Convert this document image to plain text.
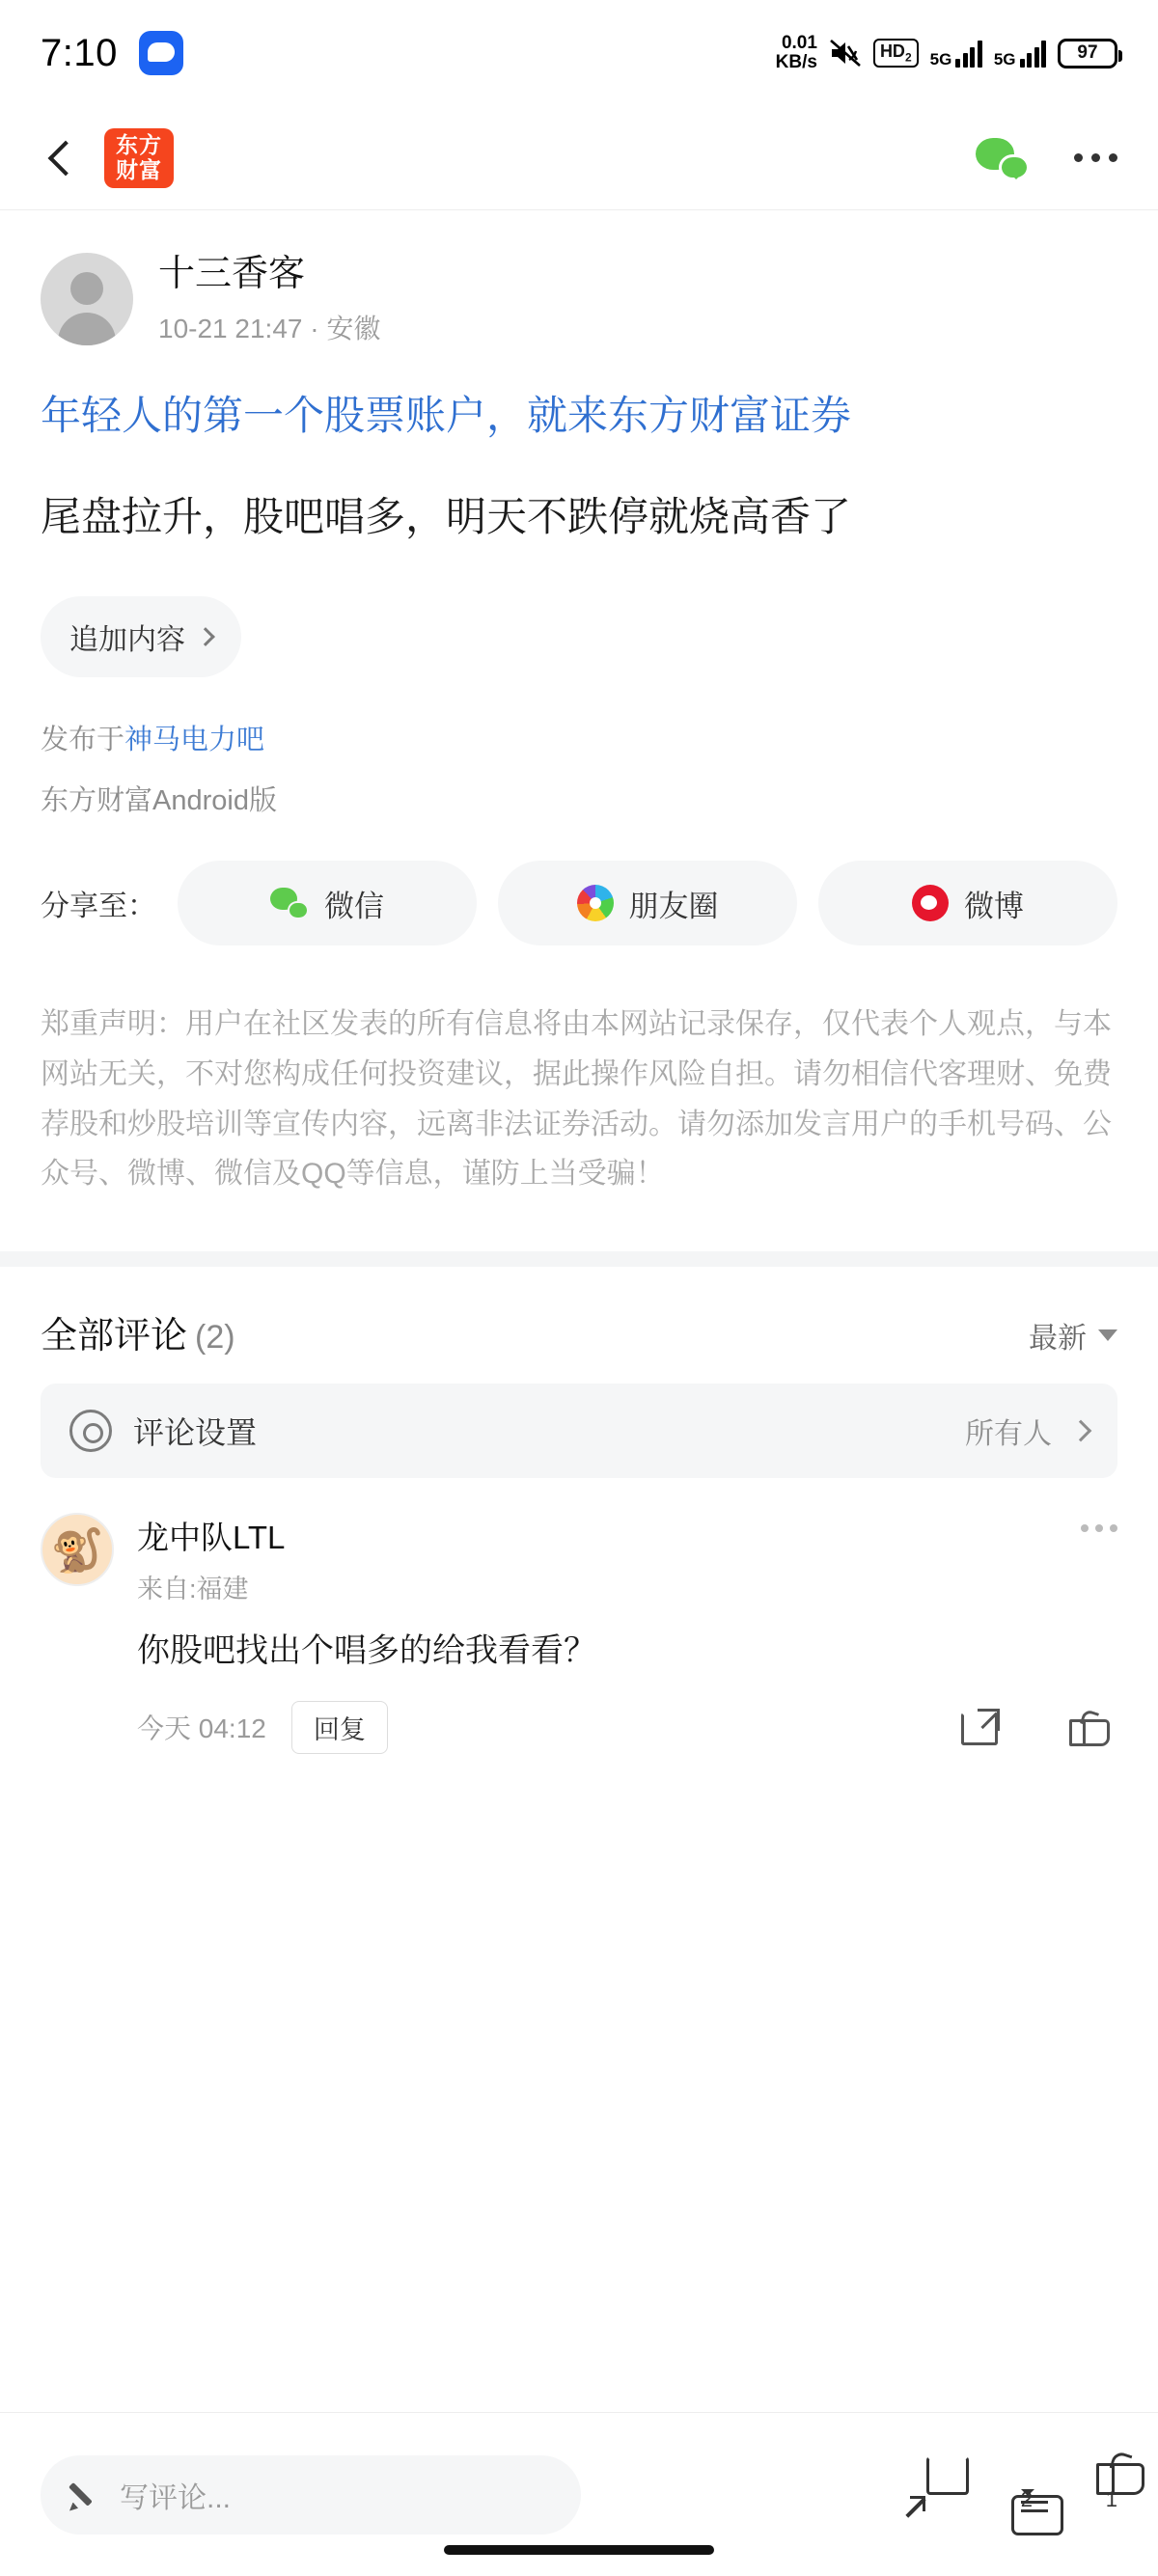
7:10	0.01
KB/s
$HD_2$	5G	5G	97
东方
财富
十三香客
10-21 21:47 · 安徽
年轻人的第一个股票账户，就来东方财富证券
尾盘拉升，股吧唱多，明天不跌停就烧高香了
追加内容
发布于神马电力吧
东方财富Android版
分享至：	微信	朋友圈	微博
郑重声明：用户在社区发表的所有信息将由本网站记录保存，仅代表个人观点，与本网站无关，不对您构成任何投资建议，据此操作风险自担。请勿相信代客理财、免费荐股和炒股培训等宣传内容，远离非法证券活动。请勿添加发言用户的手机号码、公众号、微博、微信及QQ等信息，谨防上当受骗！
全部评论 (2)	最新
评论设置	所有人
🐒	龙中队LTL
来自:福建
你股吧找出个唱多的给我看看？
今天 04:12	回复
写评论...	2	1
